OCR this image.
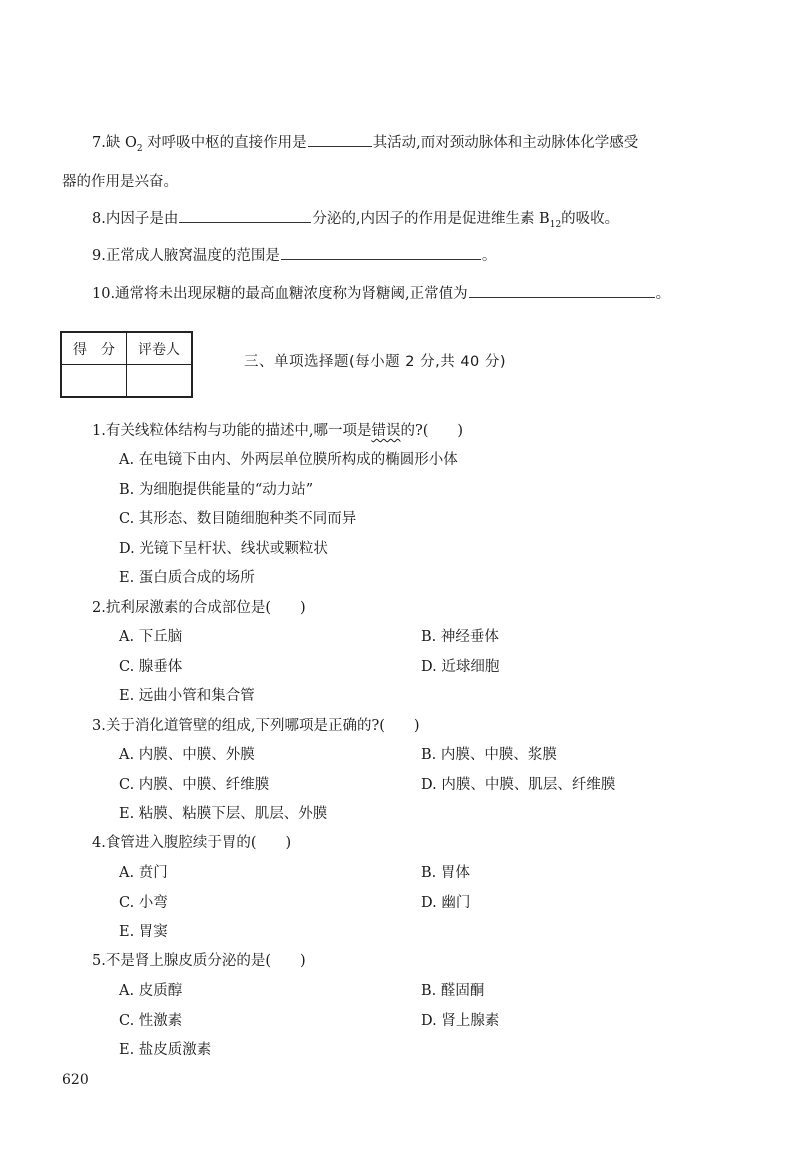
7.缺 $O_2$ 对呼吸中枢的直接作用是	其活动,而对颈动脉体和主动脉体化学感受
器的作用是兴奋。
8.内因子是由	分泌的,内因子的作用是促进维生素 $B_{12}$的吸收。
9.正常成人腋窝温度的范围是	。
10.通常将未出现尿糖的最高血糖浓度称为肾糖阈,正常值为	。
得　分	评卷人

三、单项选择题(每小题 2 分,共 40 分)
1.有关线粒体结构与功能的描述中,哪一项是错误的?(　　)
A. 在电镜下由内、外两层单位膜所构成的椭圆形小体
B. 为细胞提供能量的“动力站”
C. 其形态、数目随细胞种类不同而异
D. 光镜下呈杆状、线状或颗粒状
E. 蛋白质合成的场所
2.抗利尿激素的合成部位是(　　)
A. 下丘脑	B. 神经垂体
C. 腺垂体	D. 近球细胞
E. 远曲小管和集合管
3.关于消化道管壁的组成,下列哪项是正确的?(　　)
A. 内膜、中膜、外膜	B. 内膜、中膜、浆膜
C. 内膜、中膜、纤维膜	D. 内膜、中膜、肌层、纤维膜
E. 粘膜、粘膜下层、肌层、外膜
4.食管进入腹腔续于胃的(　　)
A. 贲门	B. 胃体
C. 小弯	D. 幽门
E. 胃窦
5.不是肾上腺皮质分泌的是(　　)
A. 皮质醇	B. 醛固酮
C. 性激素	D. 肾上腺素
E. 盐皮质激素
620
